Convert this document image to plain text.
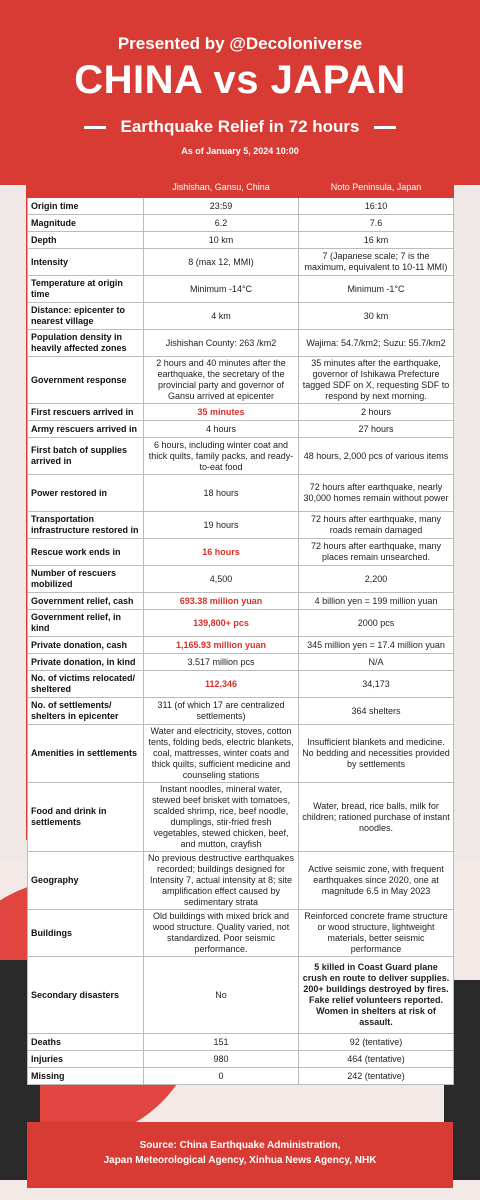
Presented by @Decoloniverse
CHINA vs JAPAN
Earthquake Relief in 72 hours
As of January 5, 2024 10:00
	Jishishan, Gansu, China	Noto Peninsula, Japan
Origin time	23:59	16:10
Magnitude	6.2	7.6
Depth	10 km	16 km
Intensity	8 (max 12, MMI)	7 (Japanese scale; 7 is the maximum, equivalent to 10-11 MMI)
Temperature at origin time	Minimum -14°C	Minimum -1°C
Distance: epicenter to nearest village	4 km	30 km
Population density in heavily affected zones	Jishishan County: 263 /km2	Wajima: 54.7/km2; Suzu: 55.7/km2
Government response	2 hours and 40 minutes after the earthquake, the secretary of the provincial party and governor of Gansu arrived at epicenter	35 minutes after the earthquake, governor of Ishikawa Prefecture tagged SDF on X, requesting SDF to respond by next morning.
First rescuers arrived in	35 minutes	2 hours
Army rescuers arrived in	4 hours	27 hours
First batch of supplies arrived in	6 hours, including winter coat and thick quilts, family packs, and ready-to-eat food	48 hours, 2,000 pcs of various items
Power restored in	18 hours	72 hours after earthquake, nearly 30,000 homes remain without power
Transportation infrastructure restored in	19 hours	72 hours after earthquake, many roads remain damaged
Rescue work ends in	16 hours	72 hours after earthquake, many places remain unsearched.
Number of rescuers mobilized	4,500	2,200
Government relief, cash	693.38 million yuan	4 billion yen = 199 million yuan
Government relief, in kind	139,800+ pcs	2000 pcs
Private donation, cash	1,165.93 million yuan	345 million yen = 17.4 million yuan
Private donation, in kind	3.517 million pcs	N/A
No. of victims relocated/ sheltered	112,346	34,173
No. of settlements/ shelters in epicenter	311 (of which 17 are centralized settlements)	364 shelters
Amenities in settlements	Water and electricity, stoves, cotton tents, folding beds, electric blankets, coal, mattresses, winter coats and thick quilts, sufficient medicine and counseling stations	Insufficient blankets and medicine. No bedding and necessities provided by settlements
Food and drink in settlements	Instant noodles, mineral water, stewed beef brisket with tomatoes, scalded shrimp, rice, beef noodle, dumplings, stir-fried fresh vegetables, stewed chicken, beef, and mutton, crayfish	Water, bread, rice balls, milk for children; rationed purchase of instant noodles.
Geography	No previous destructive earthquakes recorded; buildings designed for Intensity 7, actual intensity at 8; site amplification effect caused by sedimentary strata	Active seismic zone, with frequent earthquakes since 2020, one at magnitude 6.5 in May 2023
Buildings	Old buildings with mixed brick and wood structure. Quality varied, not standardized. Poor seismic performance.	Reinforced concrete frame structure or wood structure, lightweight materials, better seismic performance
Secondary disasters	No	5 killed in Coast Guard plane crush en route to deliver supplies. 200+ buildings destroyed by fires. Fake relief volunteers reported. Women in shelters at risk of assault.
Deaths	151	92 (tentative)
Injuries	980	464 (tentative)
Missing	0	242 (tentative)
Source: China Earthquake Administration,
Japan Meteorological Agency, Xinhua News Agency, NHK
